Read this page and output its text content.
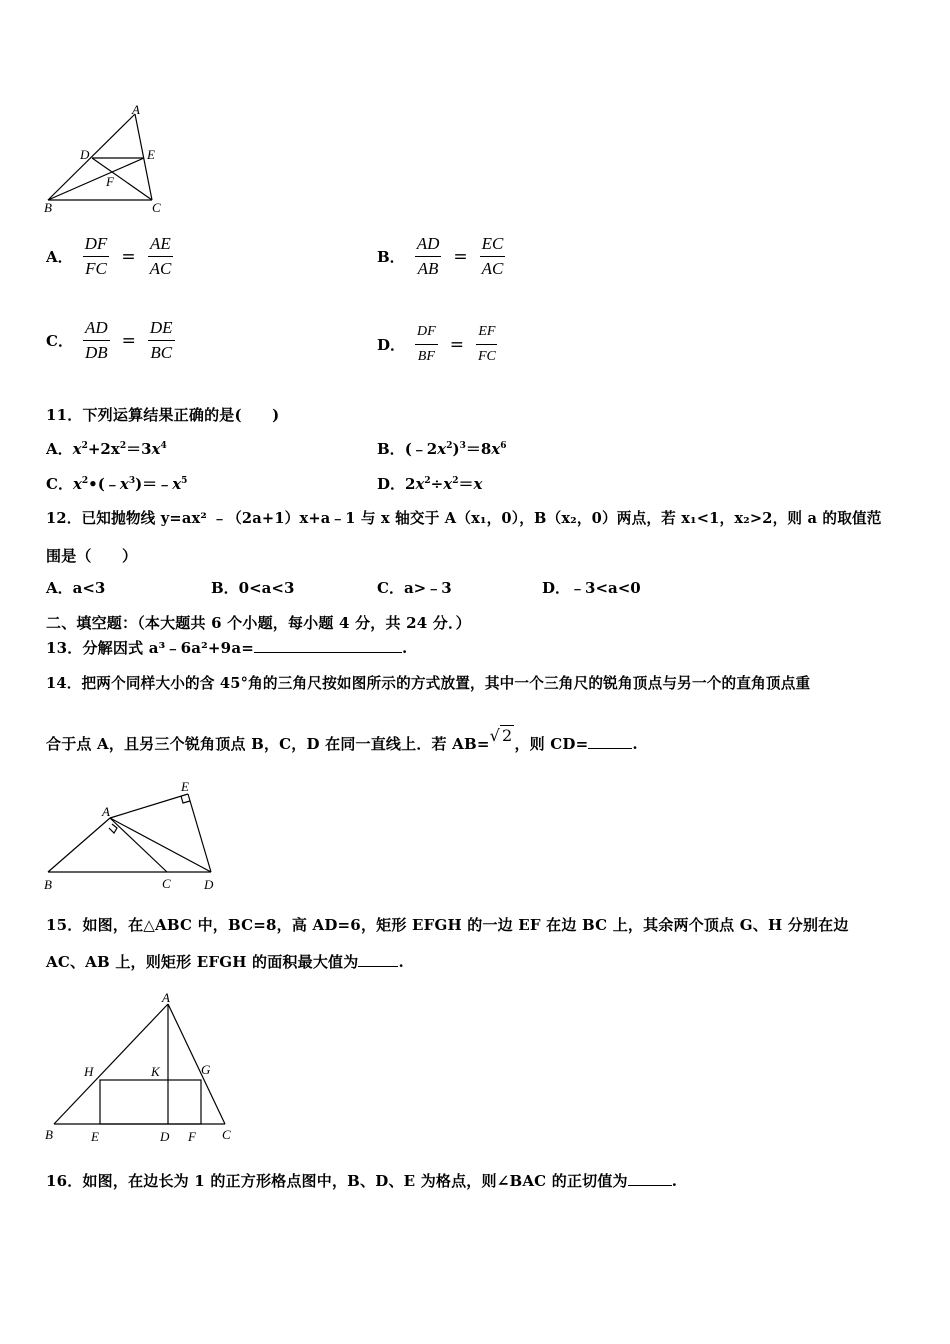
A
B	C
D	E
F
A． $\frac{DF}{FC} = \frac{AE}{AC}$	B． $\frac{AD}{AB} = \frac{EC}{AC}$
C． $\frac{AD}{DB} = \frac{DE}{BC}$	D． $\frac{DF}{BF} = \frac{EF}{FC}$
11．下列运算结果正确的是(　　)
A．$x^2+2x^2=3x^4$	B．$(﹣2x^2)^3=8x^6$
C．$x^2•(﹣x^3)=﹣x^5$	D．$2x^2\div x^2=x$
12．已知抛物线 y=ax² ﹣（2a+1）x+a﹣1 与 x 轴交于 A（x₁，0），B（x₂，0）两点，若 x₁<1，x₂>2，则 a 的取值范
围是（　　）
A．a<3	B．0<a<3	C．a>﹣3	D．﹣3<a<0
二、填空题：（本大题共 6 个小题，每小题 4 分，共 24 分．）
13．分解因式 a³﹣6a²+9a=	.
14．把两个同样大小的含 45°角的三角尺按如图所示的方式放置，其中一个三角尺的锐角顶点与另一个的直角顶点重
合于点 A，且另三个锐角顶点 B，C，D 在同一直线上．若 AB=√ 2 ，则 CD=	.
A
B	C	D
E
15．如图，在△ABC 中，BC=8，高 AD=6，矩形 EFGH 的一边 EF 在边 BC 上，其余两个顶点 G、H 分别在边
AC、AB 上，则矩形 EFGH 的面积最大值为	.
A
B	C
D
E	F
G
H	K
16．如图，在边长为 1 的正方形格点图中，B、D、E 为格点，则∠BAC 的正切值为	.
